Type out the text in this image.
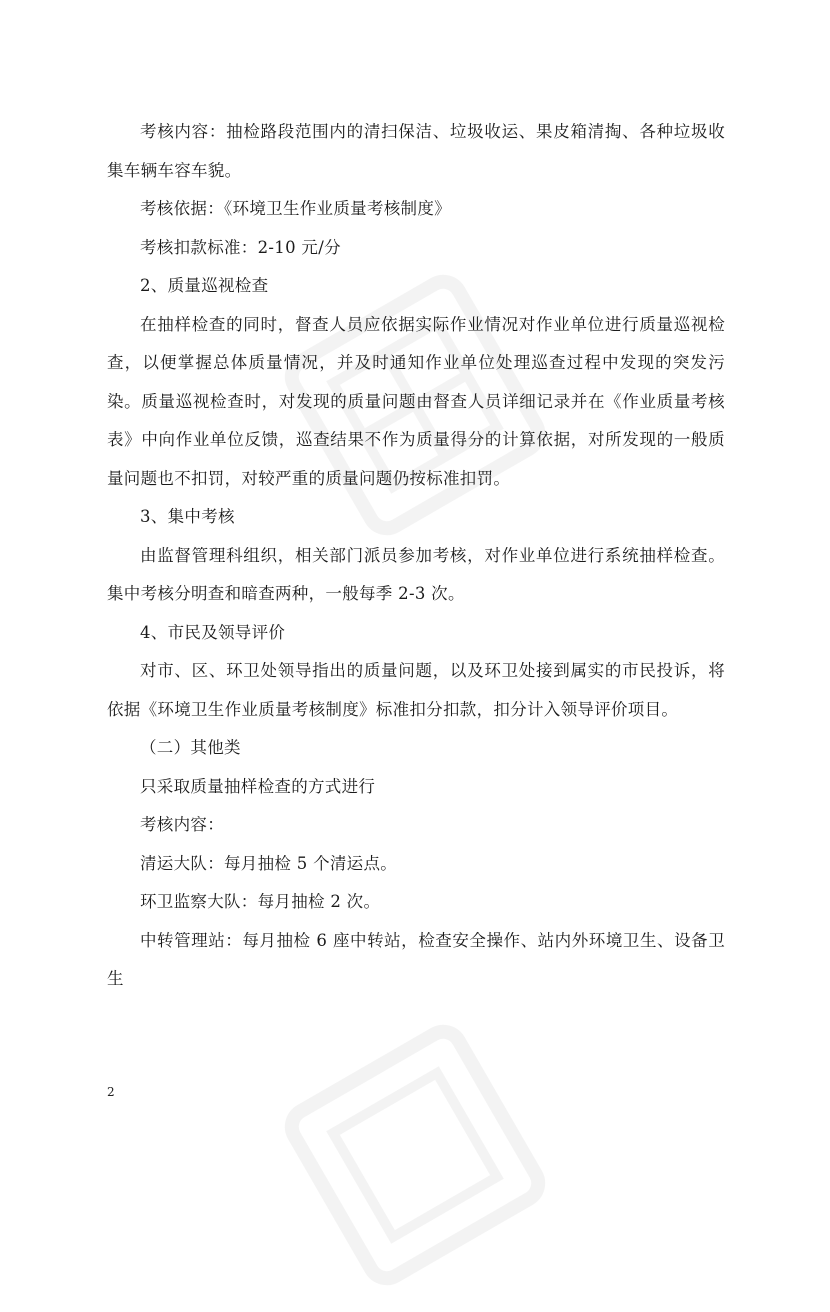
考核内容：抽检路段范围内的清扫保洁、垃圾收运、果皮箱清掏、各种垃圾收集车辆车容车貌。

考核依据：《环境卫生作业质量考核制度》

考核扣款标准：2-10 元/分

2、质量巡视检查

在抽样检查的同时，督查人员应依据实际作业情况对作业单位进行质量巡视检查，以便掌握总体质量情况，并及时通知作业单位处理巡查过程中发现的突发污染。质量巡视检查时，对发现的质量问题由督查人员详细记录并在《作业质量考核表》中向作业单位反馈，巡查结果不作为质量得分的计算依据，对所发现的一般质量问题也不扣罚，对较严重的质量问题仍按标准扣罚。

3、集中考核

由监督管理科组织，相关部门派员参加考核，对作业单位进行系统抽样检查。集中考核分明查和暗查两种，一般每季 2-3 次。

4、市民及领导评价

对市、区、环卫处领导指出的质量问题，以及环卫处接到属实的市民投诉，将依据《环境卫生作业质量考核制度》标准扣分扣款，扣分计入领导评价项目。

（二）其他类

只采取质量抽样检查的方式进行

考核内容：

清运大队：每月抽检 5 个清运点。

环卫监察大队：每月抽检 2 次。

中转管理站：每月抽检 6 座中转站，检查安全操作、站内外环境卫生、设备卫生

2
